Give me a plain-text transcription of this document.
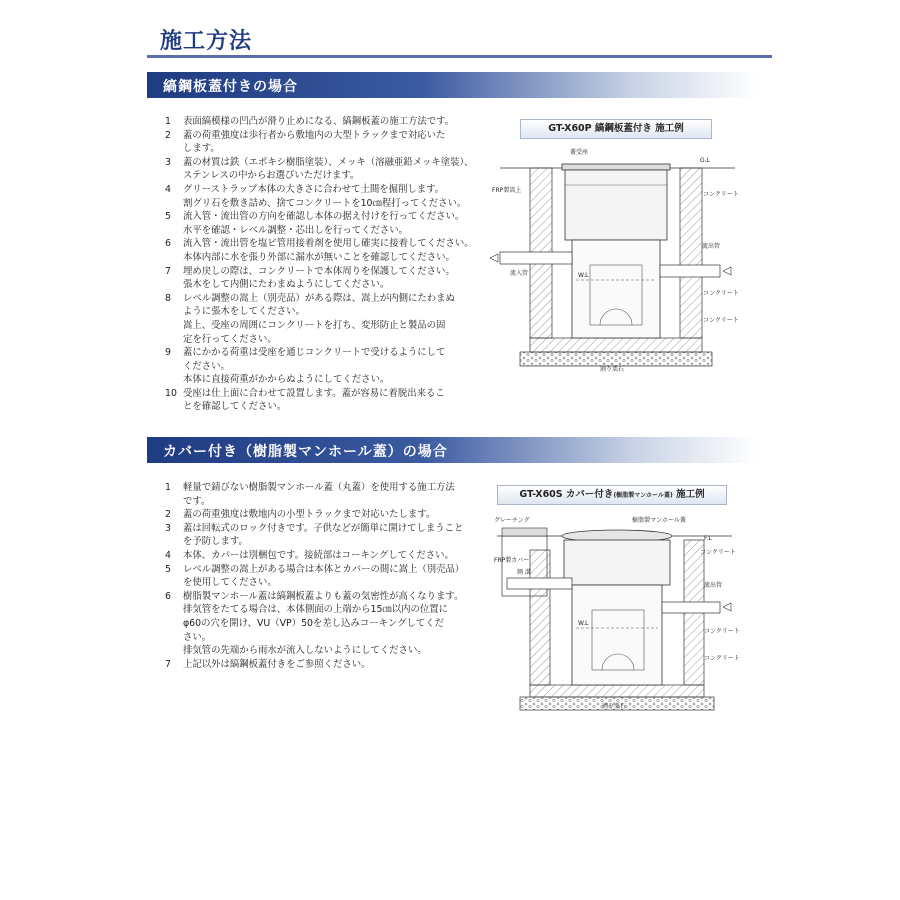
施工方法
縞鋼板蓋付きの場合
1	表面縞模様の凹凸が滑り止めになる、縞鋼板蓋の施工方法です。
2	蓋の荷重強度は歩行者から敷地内の大型トラックまで対応いた
します。
3	蓋の材質は鉄（エポキシ樹脂塗装）、メッキ（溶融亜鉛メッキ塗装）、
ステンレスの中からお選びいただけます。
4	グリーストラップ本体の大きさに合わせて土間を掘削します。
割グリ石を敷き詰め、捨てコンクリートを10㎝程打ってください。
5	流入管・流出管の方向を確認し本体の据え付けを行ってください。
水平を確認・レベル調整・芯出しを行ってください。
6	流入管・流出管を塩ビ管用接着剤を使用し確実に接着してください。
本体内部に水を張り外部に漏水が無いことを確認してください。
7	埋め戻しの際は、コンクリートで本体周りを保護してください。
張木をして内側にたわまぬようにしてください。
8	レベル調整の嵩上（別売品）がある際は、嵩上が内側にたわまぬ
ように張木をしてください。
嵩上、受座の周囲にコンクリートを打ち、変形防止と製品の固
定を行ってください。
9	蓋にかかる荷重は受座を通じコンクリートで受けるようにして
ください。
本体に直接荷重がかからぬようにしてください。
10 受座は仕上面に合わせて設置します。蓋が容易に着脱出来るこ
とを確認してください。
GT-X60P 縞鋼板蓋付き 施工例
蓋受座
G.L
FRP製嵩上
コンクリート
流出管
流入管	W.L
コンクリート
コンクリート
割り栗石
カバー付き（樹脂製マンホール蓋）の場合
1	軽量で錆びない樹脂製マンホール蓋（丸蓋）を使用する施工方法
です。
2	蓋の荷重強度は敷地内の小型トラックまで対応いたします。
3	蓋は回転式のロック付きです。子供などが簡単に開けてしまうこと
を予防します。
4	本体、カバーは別梱包です。接続部はコーキングしてください。
5	レベル調整の嵩上がある場合は本体とカバーの間に嵩上（別売品）
を使用してください。
6	樹脂製マンホール蓋は縞鋼板蓋よりも蓋の気密性が高くなります。
排気管をたてる場合は、本体側面の上端から15㎝以内の位置に
φ60の穴を開け、VU（VP）50を差し込みコーキングしてくだ
さい。
排気管の先端から雨水が流入しないようにしてください。
7	上記以外は縞鋼板蓋付きをご参照ください。
GT-X60S カバー付き(樹脂製マンホール蓋) 施工例
グレーチング	樹脂製マンホール蓋
F.L
FRP製カバー
コンクリート
側 溝
流出管
W.L
コンクリート
コンクリート
割り栗石
